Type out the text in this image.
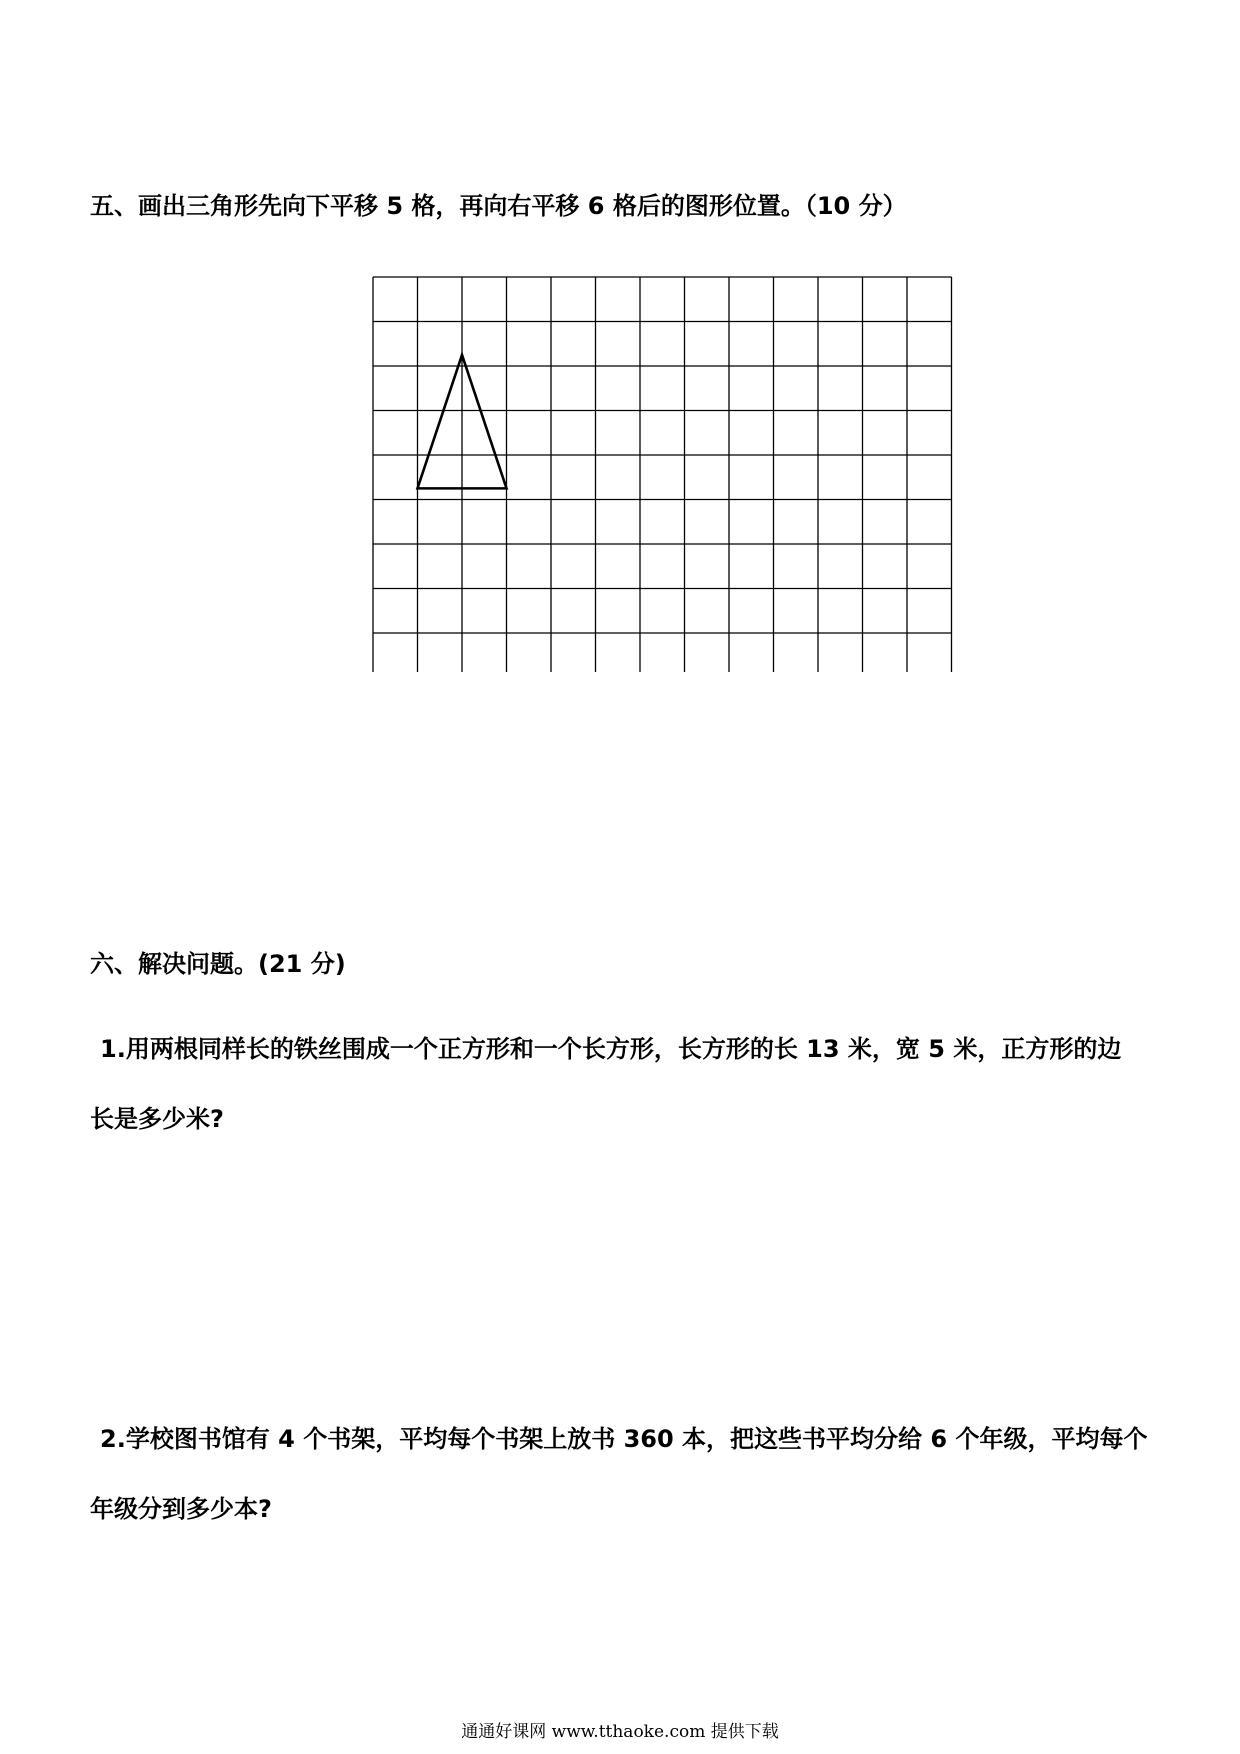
五、画出三角形先向下平移 5 格，再向右平移 6 格后的图形位置。（10 分）
六、解决问题。(21 分)
1.用两根同样长的铁丝围成一个正方形和一个长方形，长方形的长 13 米，宽 5 米，正方形的边
长是多少米?
2.学校图书馆有 4 个书架，平均每个书架上放书 360 本，把这些书平均分给 6 个年级，平均每个
年级分到多少本?
通通好课网 www.tthaoke.com 提供下载
